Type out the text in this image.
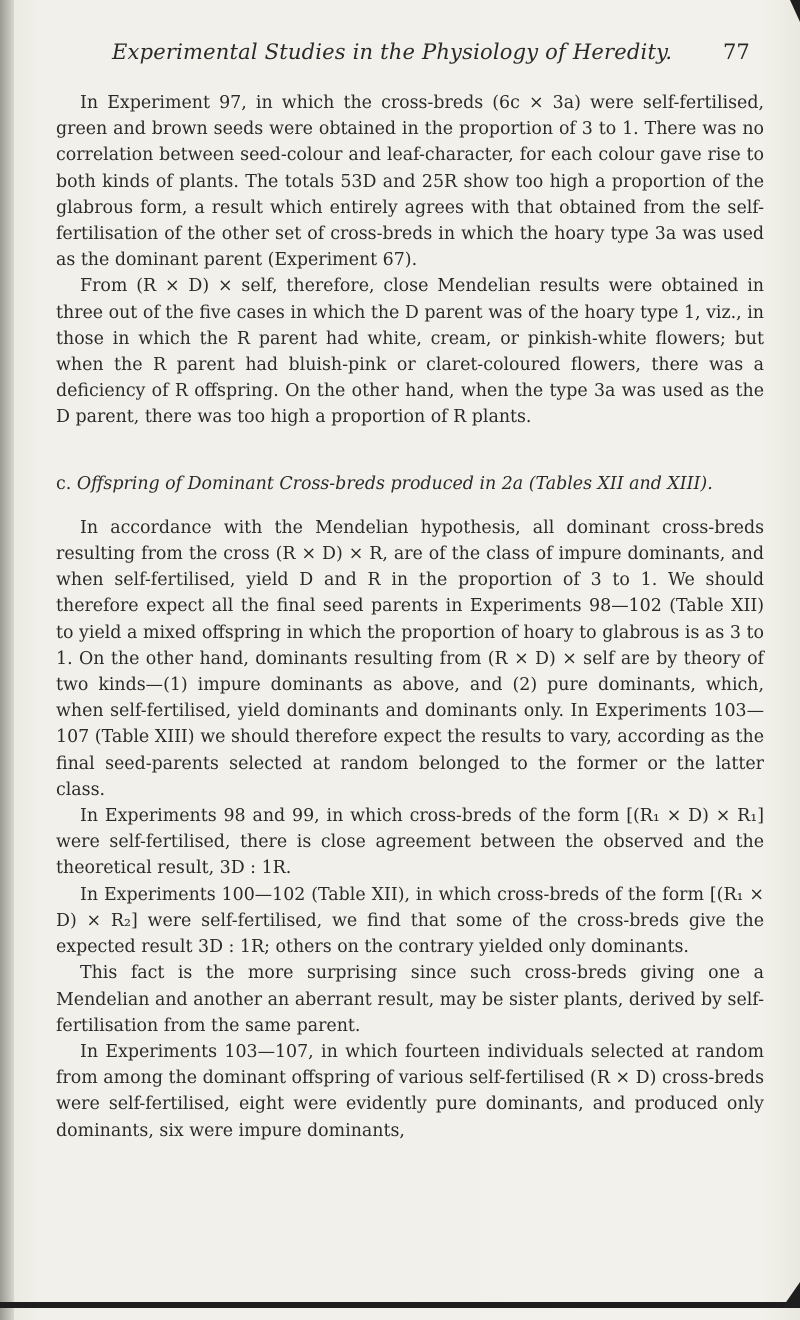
Experimental Studies in the Physiology of Heredity. 77

In Experiment 97, in which the cross-breds (6c × 3a) were self-fertilised, green and brown seeds were obtained in the proportion of 3 to 1. There was no correlation between seed-colour and leaf-character, for each colour gave rise to both kinds of plants. The totals 53D and 25R show too high a proportion of the glabrous form, a result which entirely agrees with that obtained from the self-fertilisation of the other set of cross-breds in which the hoary type 3a was used as the dominant parent (Experiment 67).

From (R × D) × self, therefore, close Mendelian results were obtained in three out of the five cases in which the D parent was of the hoary type 1, viz., in those in which the R parent had white, cream, or pinkish-white flowers; but when the R parent had bluish-pink or claret-coloured flowers, there was a deficiency of R offspring. On the other hand, when the type 3a was used as the D parent, there was too high a proportion of R plants.

c. Offspring of Dominant Cross-breds produced in 2a (Tables XII and XIII).

In accordance with the Mendelian hypothesis, all dominant cross-breds resulting from the cross (R × D) × R, are of the class of impure dominants, and when self-fertilised, yield D and R in the proportion of 3 to 1. We should therefore expect all the final seed parents in Experiments 98—102 (Table XII) to yield a mixed offspring in which the proportion of hoary to glabrous is as 3 to 1. On the other hand, dominants resulting from (R × D) × self are by theory of two kinds—(1) impure dominants as above, and (2) pure dominants, which, when self-fertilised, yield dominants and dominants only. In Experiments 103—107 (Table XIII) we should therefore expect the results to vary, according as the final seed-parents selected at random belonged to the former or the latter class.

In Experiments 98 and 99, in which cross-breds of the form [(R₁ × D) × R₁] were self-fertilised, there is close agreement between the observed and the theoretical result, 3D : 1R.

In Experiments 100—102 (Table XII), in which cross-breds of the form [(R₁ × D) × R₂] were self-fertilised, we find that some of the cross-breds give the expected result 3D : 1R; others on the contrary yielded only dominants.

This fact is the more surprising since such cross-breds giving one a Mendelian and another an aberrant result, may be sister plants, derived by self-fertilisation from the same parent.

In Experiments 103—107, in which fourteen individuals selected at random from among the dominant offspring of various self-fertilised (R × D) cross-breds were self-fertilised, eight were evidently pure dominants, and produced only dominants, six were impure dominants,
